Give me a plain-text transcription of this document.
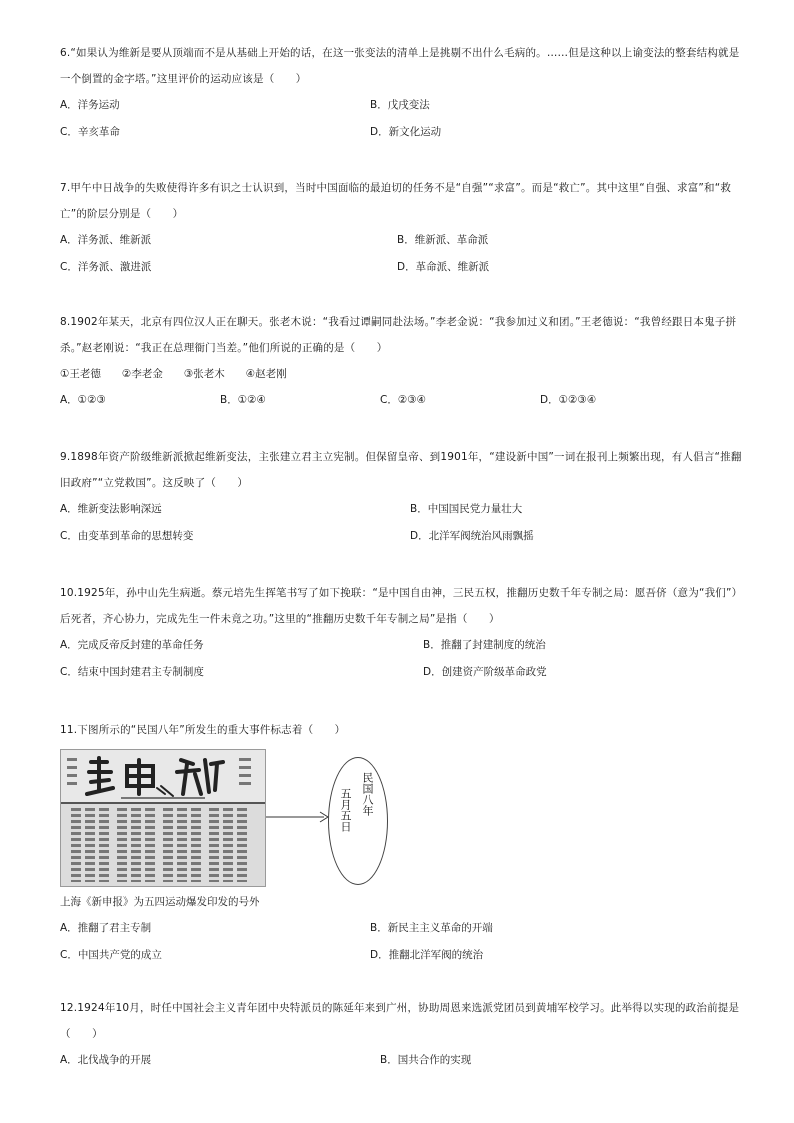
6.“如果认为维新是要从顶端而不是从基础上开始的话，在这一张变法的清单上是挑剔不出什么毛病的。……但是这种以上谕变法的整套结构就是一个倒置的金字塔。”这里评价的运动应该是（　　）
A．洋务运动	B．戊戌变法
C．辛亥革命	D．新文化运动
7.甲午中日战争的失败使得许多有识之士认识到，当时中国面临的最迫切的任务不是“自强”“求富”。而是“救亡”。其中这里“自强、求富”和“救亡”的阶层分别是（　　）
A．洋务派、维新派	B．维新派、革命派
C．洋务派、激进派	D．革命派、维新派
8.1902年某天，北京有四位汉人正在聊天。张老木说：“我看过谭嗣同赴法场。”李老金说：“我参加过义和团。”王老德说：“我曾经跟日本鬼子拼杀。”赵老刚说：“我正在总理衙门当差。”他们所说的正确的是（　　）
①王老德　　②李老金　　③张老木　　④赵老刚
A．①②③	B．①②④	C．②③④	D．①②③④
9.1898年资产阶级维新派掀起维新变法，主张建立君主立宪制。但保留皇帝、到1901年，“建设新中国”一词在报刊上频繁出现，有人倡言“推翻旧政府”“立党救国”。这反映了（　　）
A．维新变法影响深远	B．中国国民党力量壮大
C．由变革到革命的思想转变	D．北洋军阀统治风雨飘摇
10.1925年，孙中山先生病逝。蔡元培先生挥笔书写了如下挽联：“是中国自由神，三民五权，推翻历史数千年专制之局：愿吾侪（意为“我们”）后死者，齐心协力，完成先生一件未竟之功。”这里的“推翻历史数千年专制之局”是指（　　）
A．完成反帝反封建的革命任务	B．推翻了封建制度的统治
C．结束中国封建君主专制制度	D．创建资产阶级革命政党
11.下图所示的“民国八年”所发生的重大事件标志着（　　）
五月五日 民国八年
上海《新申报》为五四运动爆发印发的号外
A．推翻了君主专制	B．新民主主义革命的开端
C．中国共产党的成立	D．推翻北洋军阀的统治
12.1924年10月，时任中国社会主义青年团中央特派员的陈延年来到广州，协助周恩来选派党团员到黄埔军校学习。此举得以实现的政治前提是（　　）
A．北伐战争的开展	B．国共合作的实现
